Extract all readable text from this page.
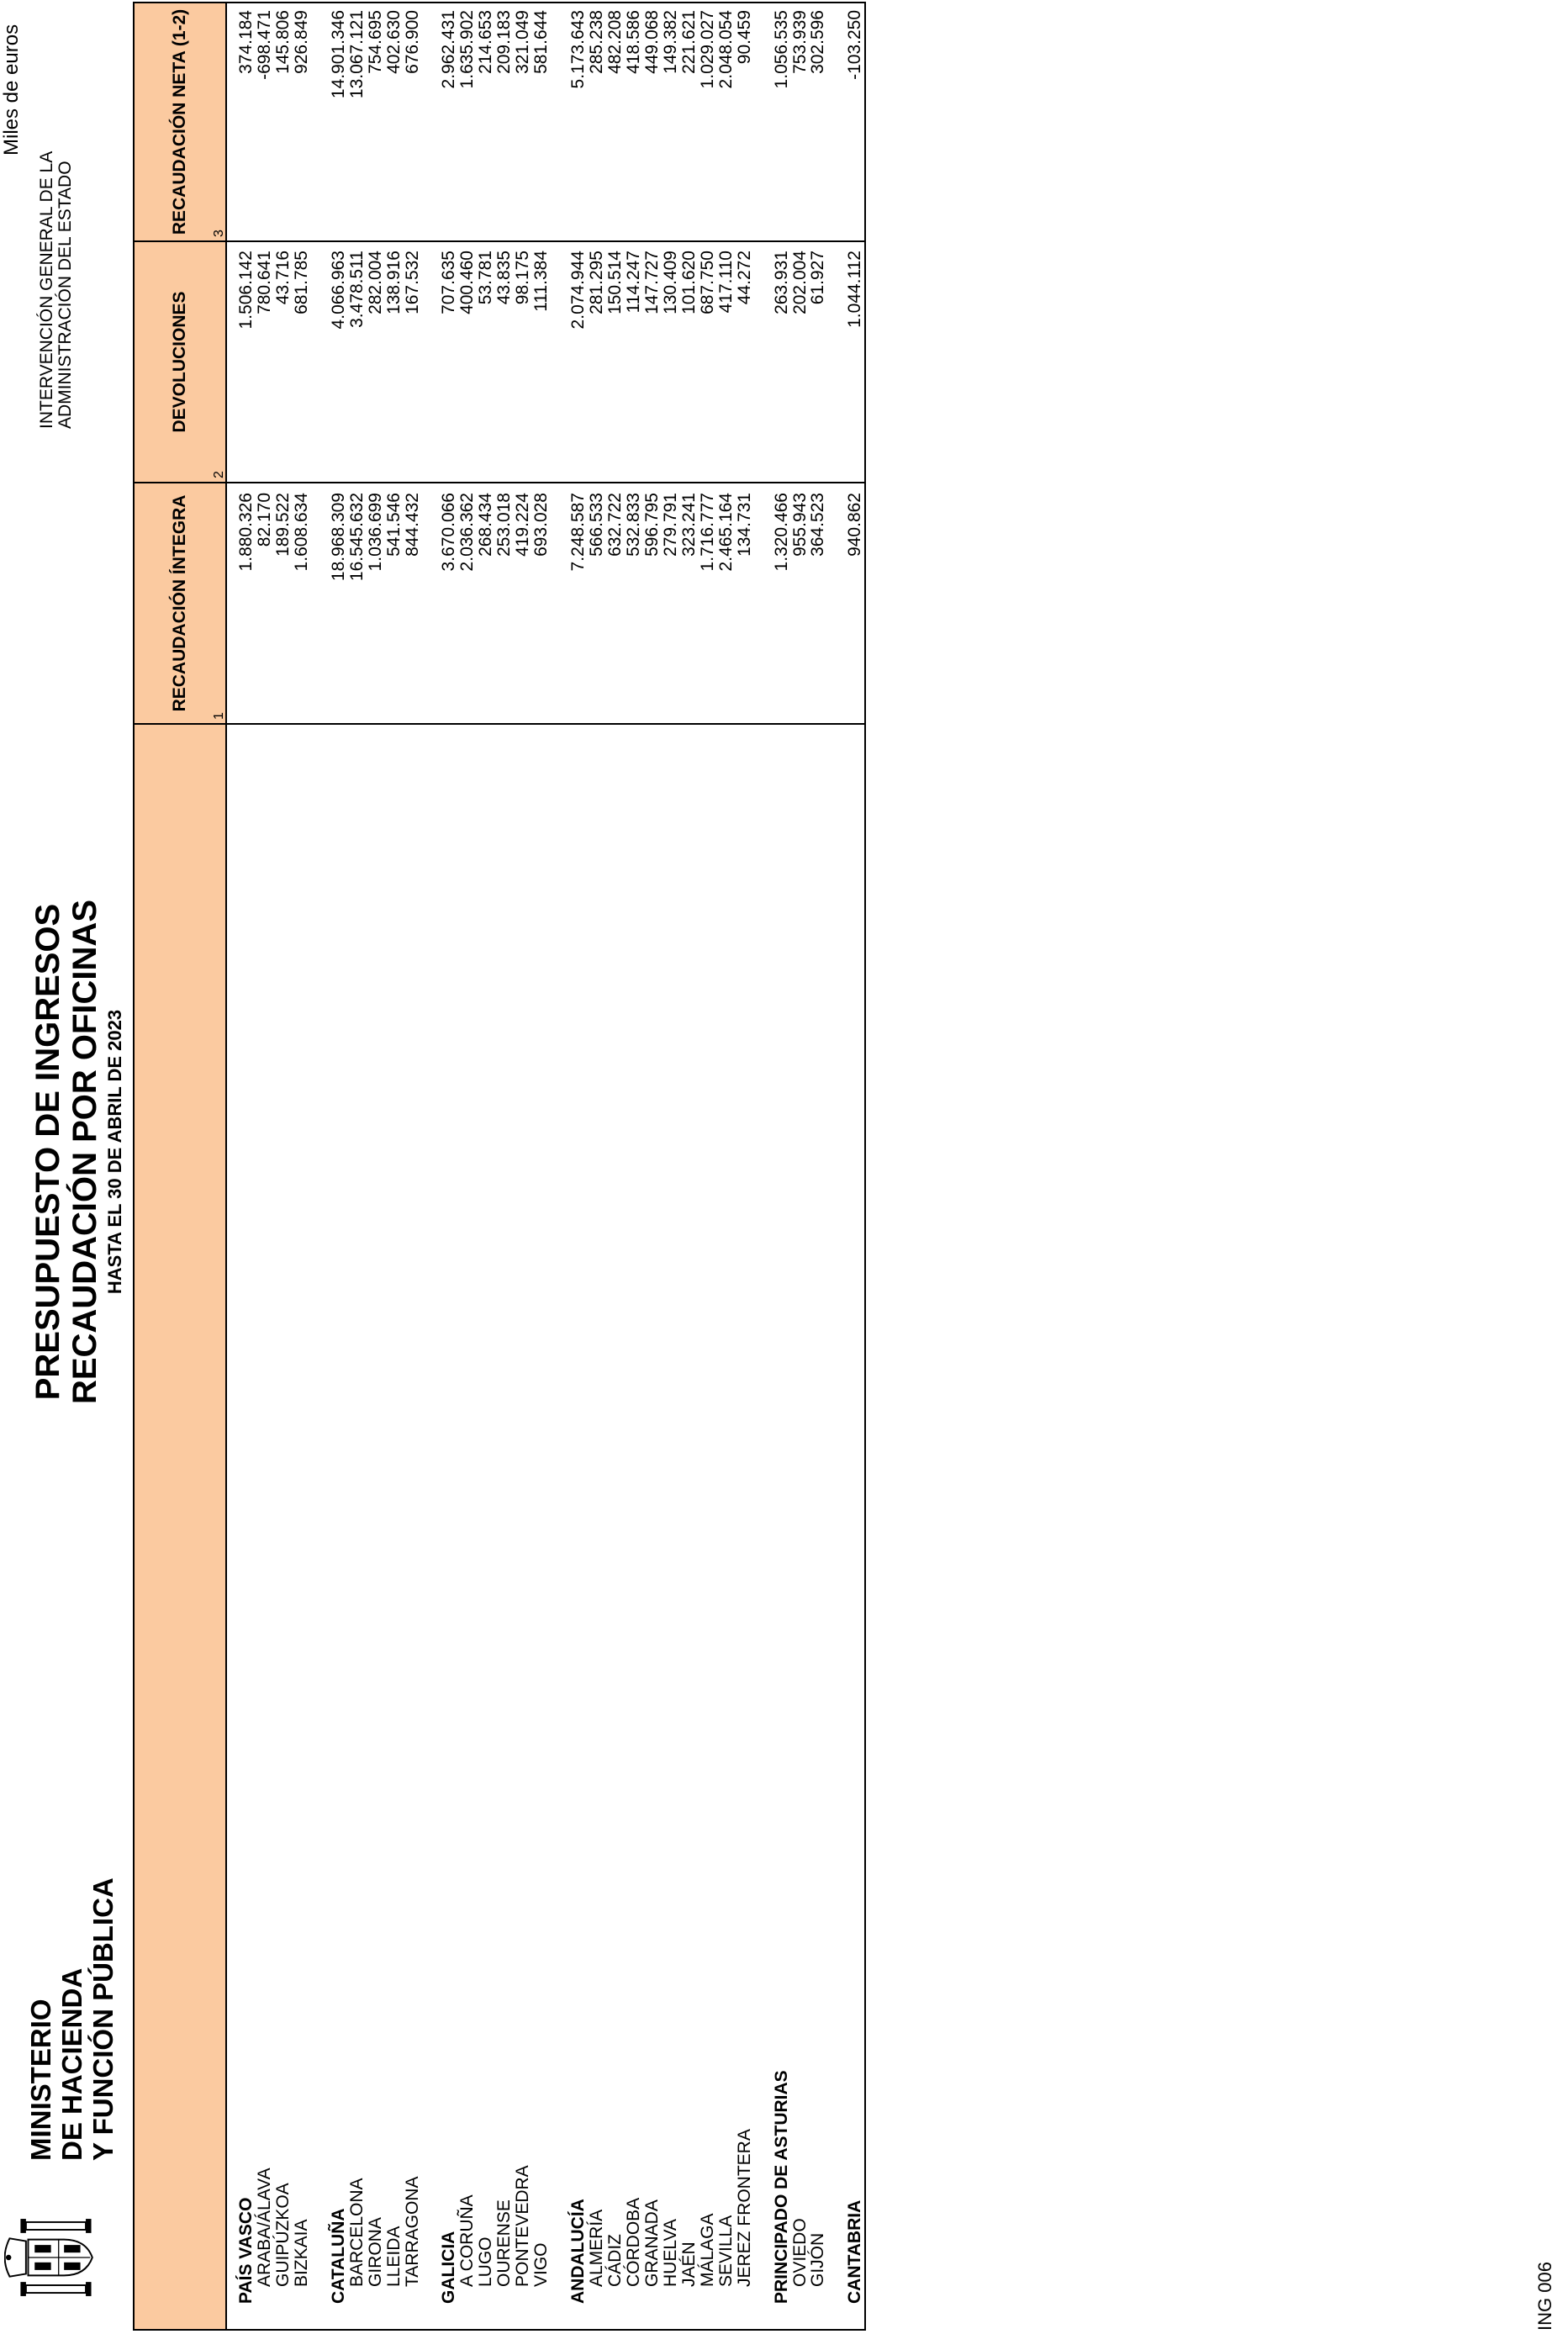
MINISTERIO DE HACIENDA Y FUNCIÓN PÚBLICA
PRESUPUESTO DE INGRESOS RECAUDACIÓN POR OFICINAS HASTA EL 30 DE ABRIL DE 2023
INTERVENCIÓN GENERAL DE LA ADMINISTRACIÓN DEL ESTADO
Miles de euros	RECAUDACIÓN NETA (1-2) 3
DEVOLUCIONES
2
RECAUDACIÓN ÍNTEGRA
1
ING 006
PAÍS VASCO
1.880.326
1.506.142
374.184
ARABA/ÁLAVA
82.170
780.641
-698.471
GUIPÚZKOA
189.522
43.716
145.806
BIZKAIA
1.608.634
681.785
926.849
CATALUÑA
18.968.309
4.066.963
14.901.346
BARCELONA
16.545.632
3.478.511
13.067.121
GIRONA
1.036.699
282.004
754.695
LLEIDA
541.546
138.916
402.630
TARRAGONA
844.432
167.532
676.900
GALICIA
3.670.066
707.635
2.962.431
A CORUÑA
2.036.362
400.460
1.635.902
LUGO
268.434
53.781
214.653
OURENSE
253.018
43.835
209.183
PONTEVEDRA
419.224
98.175
321.049
VIGO
693.028
111.384
581.644
ANDALUCÍA
7.248.587
2.074.944
5.173.643
ALMERÍA
566.533
281.295
285.238
CÁDIZ
632.722
150.514
482.208
CÓRDOBA
532.833
114.247
418.586
GRANADA
596.795
147.727
449.068
HUELVA
279.791
130.409
149.382
JAÉN
323.241
101.620
221.621
MÁLAGA
1.716.777
687.750
1.029.027
SEVILLA
2.465.164
417.110
2.048.054
JEREZ FRONTERA
134.731
44.272
90.459
PRINCIPADO DE ASTURIAS
1.320.466
263.931
1.056.535
OVIEDO
955.943
202.004
753.939
GIJÓN
364.523
61.927
302.596
CANTABRIA
940.862
1.044.112
-103.250
